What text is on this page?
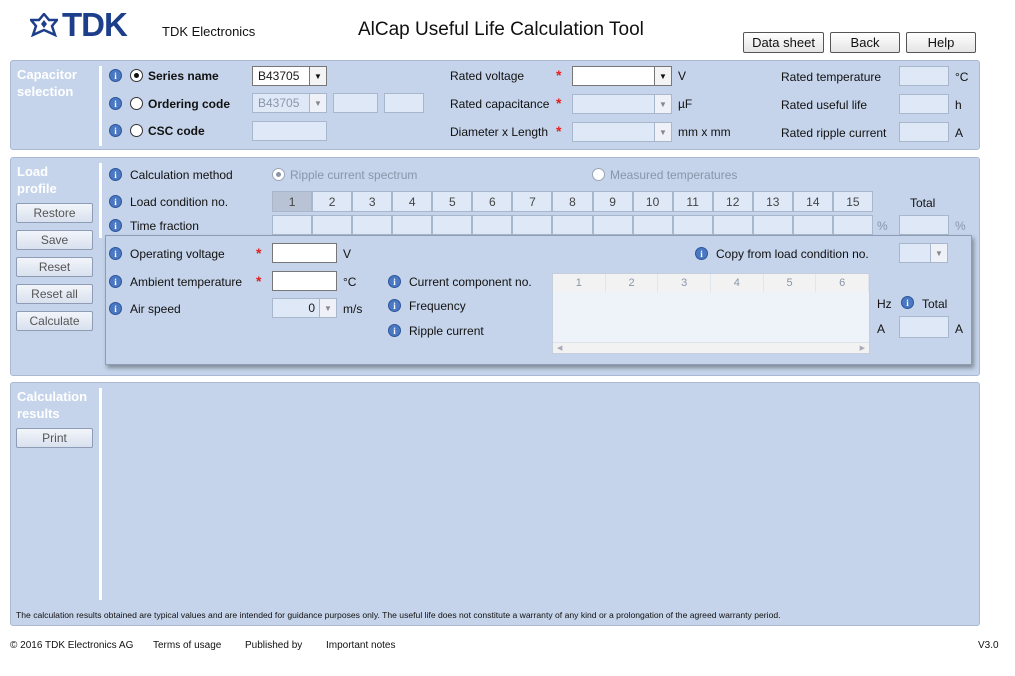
TDK	TDK Electronics	AlCap Useful Life Calculation Tool
Data sheet	Back	Help
Capacitor
selection
i	Series name	B43705	▼	Rated voltage *	▼ V	Rated temperature	°C
i	Ordering code	B43705	▼	Rated capacitance *	▼ µF	Rated useful life	h
i	CSC code	Diameter x Length *	▼ mm x mm	Rated ripple current	A
Load
profile
Restore
Save
Reset
Reset all
Calculate
i	Calculation method	Ripple current spectrum	Measured temperatures
i	Load condition no.	1	2	3	4	5	6	7	8	9	10	11	12	13	14	15	Total
i	Time fraction	%	%
i	Operating voltage *	V	i	Copy from load condition no.	▼
i	Ambient temperature *	°C
i	Air speed	0	▼ m/s
i	Current component no.
i	Frequency
i	Ripple current
1	2	3	4	5	6
◀	▶
Hz	i	Total
A	A
Calculation
results
Print
The calculation results obtained are typical values and are intended for guidance purposes only. The useful life does not constitute a warranty of any kind or a prolongation of the agreed warranty period.
© 2016 TDK Electronics AG Terms of usage Published by Important notes	V3.0
